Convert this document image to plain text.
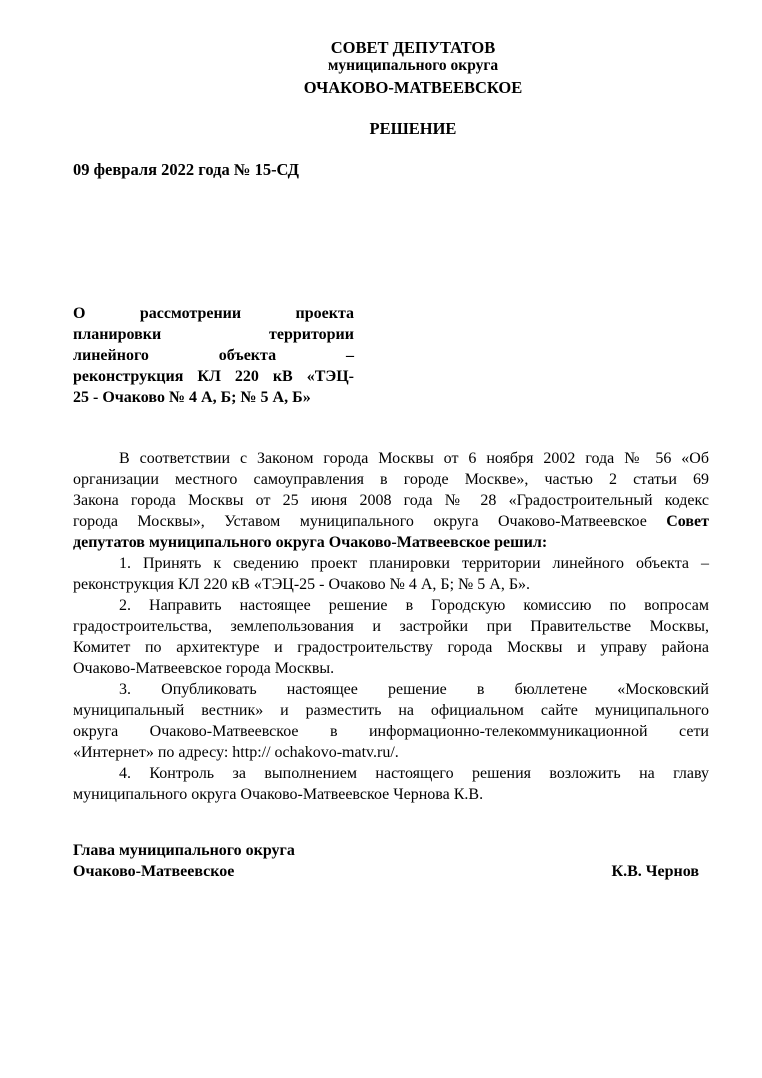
СОВЕТ ДЕПУТАТОВ
муниципального округа
ОЧАКОВО-МАТВЕЕВСКОЕ
РЕШЕНИЕ
09 февраля 2022 года № 15-СД
О	рассмотрении	проекта
планировки	территории
линейного	объекта	–
реконструкция КЛ 220 кВ «ТЭЦ-
25 - Очаково № 4 А, Б; № 5 А, Б»
В соответствии с Законом города Москвы от 6 ноября 2002 года № 56 «Об
организации местного самоуправления в городе Москве», частью 2 статьи 69
Закона города Москвы от 25 июня 2008 года № 28 «Градостроительный кодекс
города Москвы», Уставом муниципального округа Очаково-Матвеевское Совет
депутатов муниципального округа Очаково-Матвеевское решил:
1. Принять к сведению проект планировки территории линейного объекта –
реконструкция КЛ 220 кВ «ТЭЦ-25 - Очаково № 4 А, Б; № 5 А, Б».
2. Направить настоящее решение в Городскую комиссию по вопросам
градостроительства, землепользования и застройки при Правительстве Москвы,
Комитет по архитектуре и градостроительству города Москвы и управу района
Очаково-Матвеевское города Москвы.
3. Опубликовать настоящее решение в бюллетене «Московский
муниципальный вестник» и разместить на официальном сайте муниципального
округа Очаково-Матвеевское в информационно-телекоммуникационной сети
«Интернет» по адресу: http:// ochakovo-matv.ru/.
4. Контроль за выполнением настоящего решения возложить на главу
муниципального округа Очаково-Матвеевское Чернова К.В.
Глава муниципального округа
Очаково-Матвеевское	К.В. Чернов
